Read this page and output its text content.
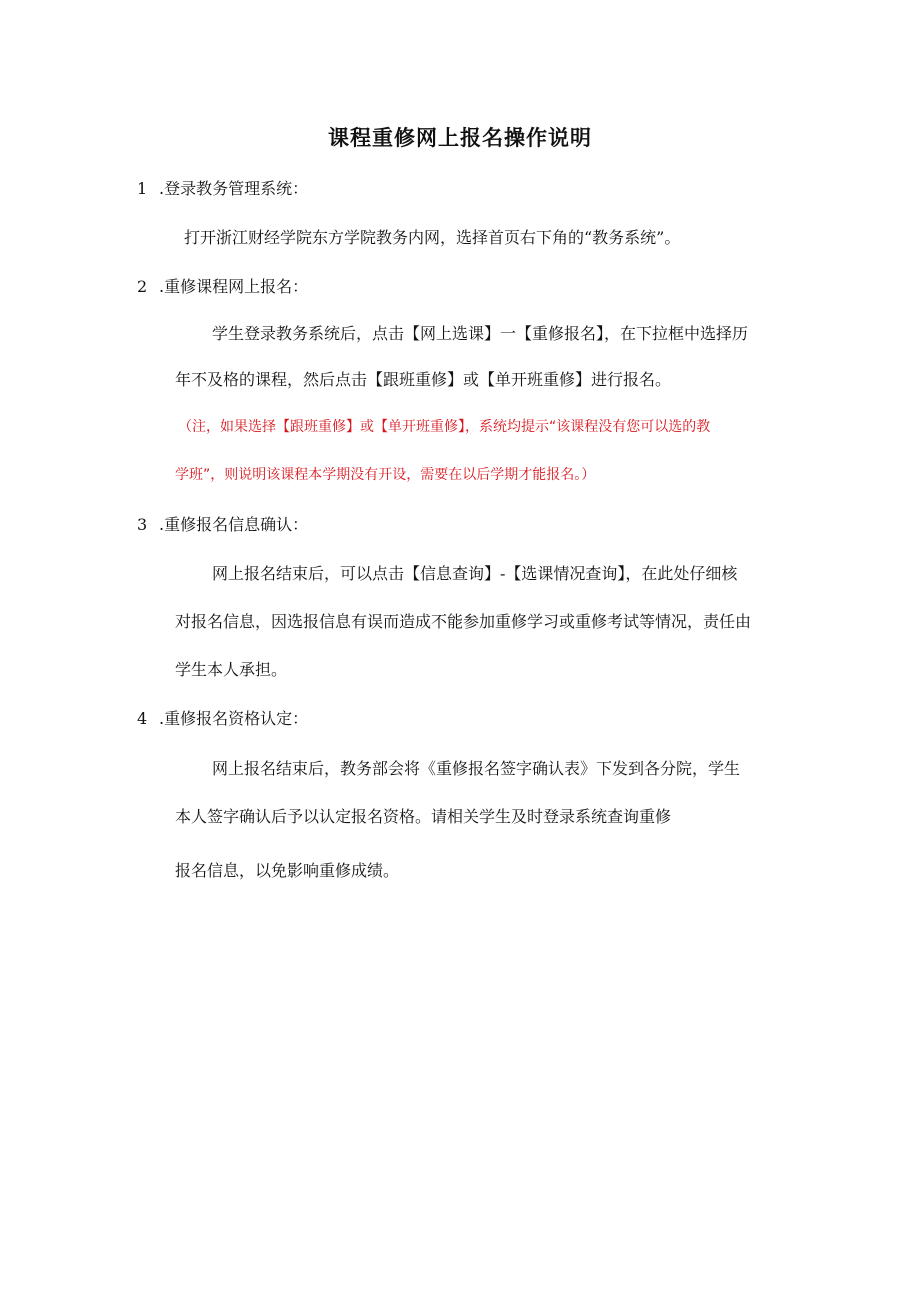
课程重修网上报名操作说明
1 .登录教务管理系统：
打开浙江财经学院东方学院教务内网，选择首页右下角的“教务系统”。
2 .重修课程网上报名：
学生登录教务系统后，点击【网上选课】一【重修报名】，在下拉框中选择历
年不及格的课程，然后点击【跟班重修】或【单开班重修】进行报名。
（注，如果选择【跟班重修】或【单开班重修】，系统均提示“该课程没有您可以选的教
学班”，则说明该课程本学期没有开设，需要在以后学期才能报名。）
3 .重修报名信息确认：
网上报名结束后，可以点击【信息查询】-【选课情况查询】，在此处仔细核
对报名信息，因选报信息有误而造成不能参加重修学习或重修考试等情况，责任由
学生本人承担。
4 .重修报名资格认定：
网上报名结束后，教务部会将《重修报名签字确认表》下发到各分院，学生
本人签字确认后予以认定报名资格。请相关学生及时登录系统查询重修
报名信息，以免影响重修成绩。
